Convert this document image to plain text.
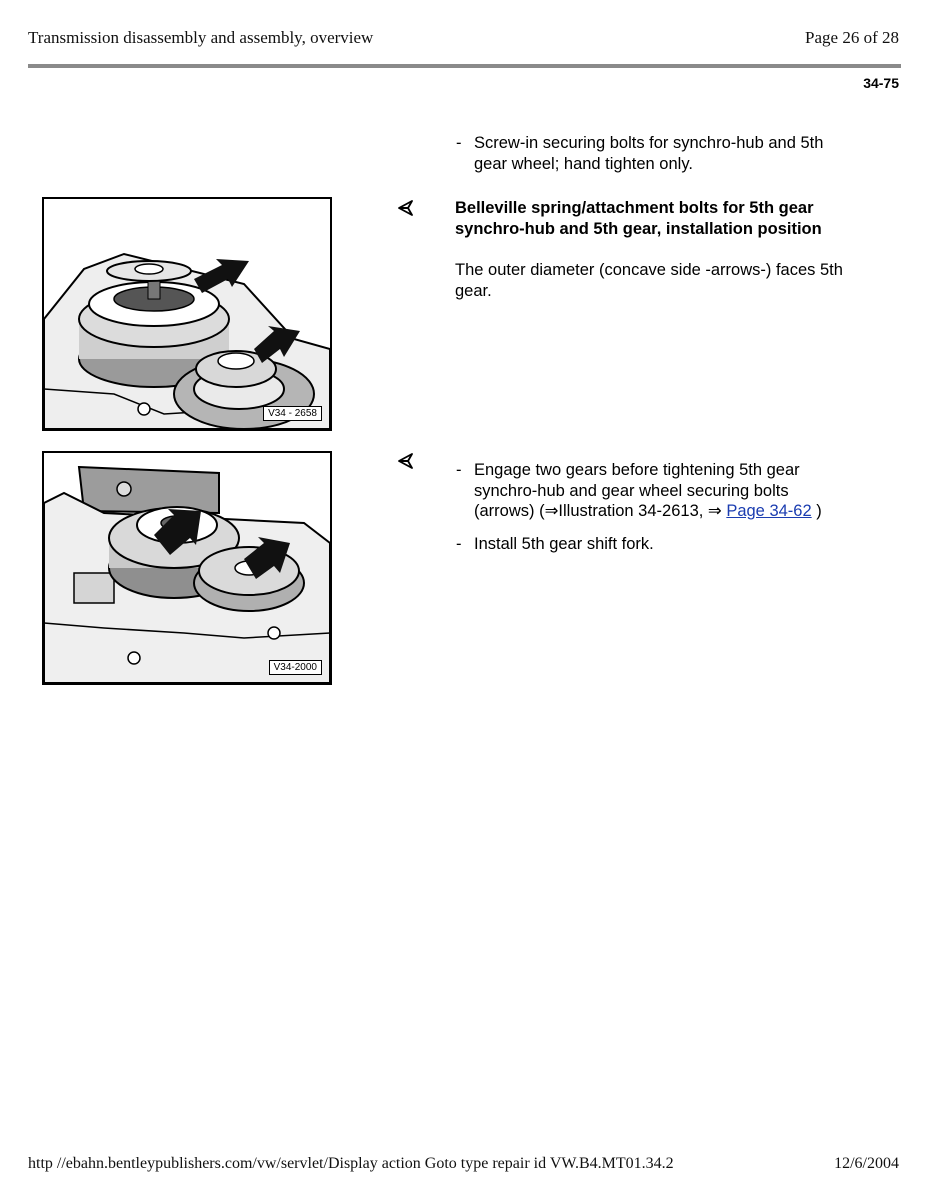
Transmission disassembly and assembly, overview	Page 26 of 28
34-75
- Screw-in securing bolts for synchro-hub and 5th
gear wheel; hand tighten only.
Belleville spring/attachment bolts for 5th gear
synchro-hub and 5th gear, installation position
The outer diameter (concave side -arrows-) faces 5th
gear.
V34 - 2658
- Engage two gears before tightening 5th gear
synchro-hub and gear wheel securing bolts
(arrows) (⇒Illustration 34-2613, ⇒ Page 34-62 )
- Install 5th gear shift fork.
V34-2000
http //ebahn.bentleypublishers.com/vw/servlet/Display action Goto type repair id VW.B4.MT01.34.2	12/6/2004
